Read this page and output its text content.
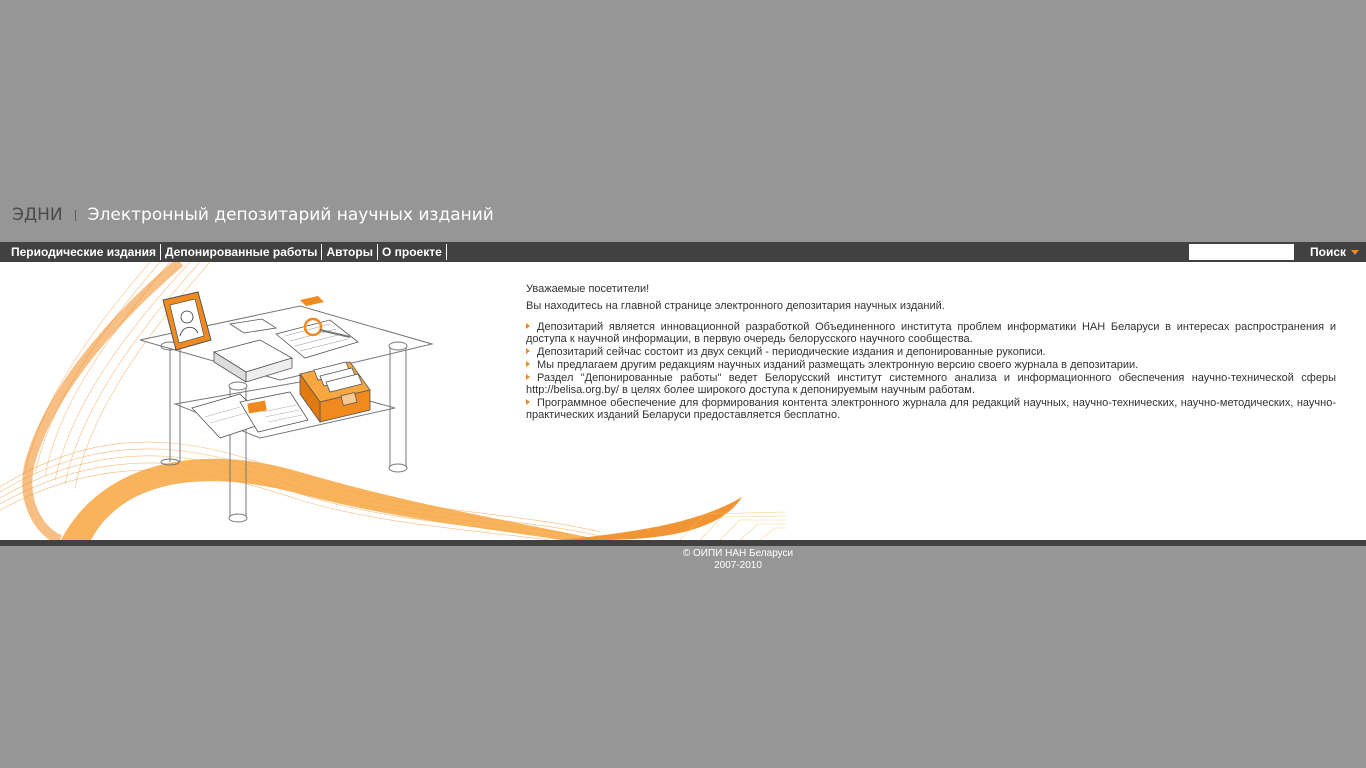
ЭДНИ Электронный депозитарий научных изданий
Периодические издания Депонированные работы Авторы О проекте	Поиск

Уважаемые посетители!

Вы находитесь на главной странице электронного депозитария научных изданий.

Депозитарий является инновационной разработкой Объединенного института проблем информатики НАН Беларуси в интересах распространения и доступа к научной информации, в первую очередь белорусского научного сообщества.
Депозитарий сейчас состоит из двух секций - периодические издания и депонированные рукописи.
Мы предлагаем другим редакциям научных изданий размещать электронную версию своего журнала в депозитарии.
Раздел "Депонированные работы" ведет Белорусский институт системного анализа и информационного обеспечения научно-технической сферы http://belisa.org.by/ в целях более широкого доступа к депонируемым научным работам.
Программное обеспечение для формирования контента электронного журнала для редакций научных, научно-технических, научно-методических, научно-практических изданий Беларуси предоставляется бесплатно.
© ОИПИ НАН Беларуси
2007-2010
